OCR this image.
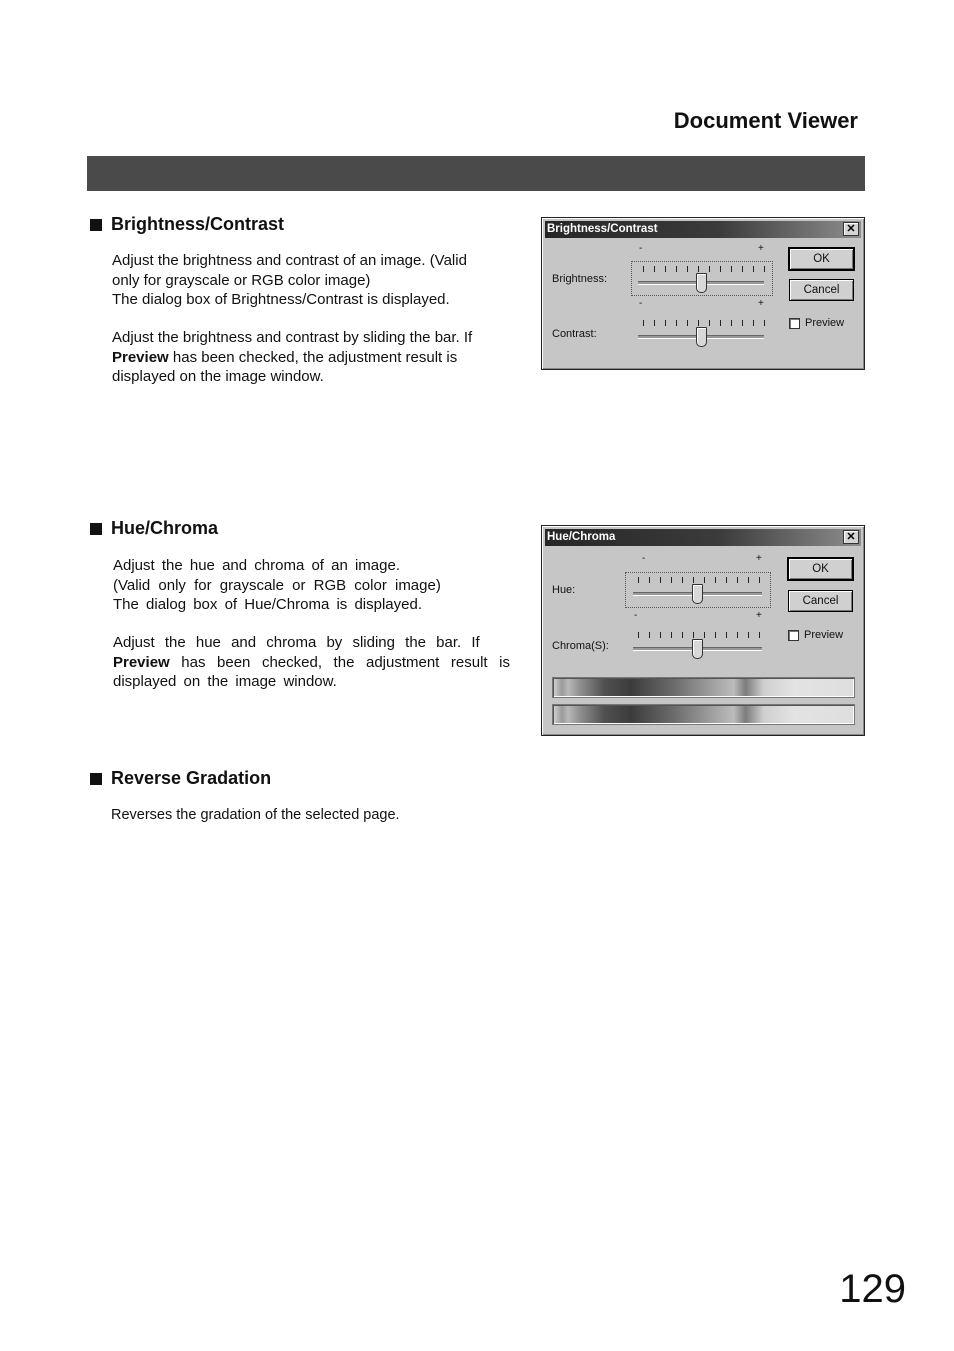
Document Viewer
Brightness/Contrast

Adjust the brightness and contrast of an image. (Valid

only for grayscale or RGB color image)

The dialog box of Brightness/Contrast is displayed.

Adjust the brightness and contrast by sliding the bar. If

Preview has been checked, the adjustment result is

displayed on the image window.

Brightness/Contrast	✕
-	+
Brightness:
-	+
Contrast:
OK
Cancel
Preview
Hue/Chroma

Adjust the hue and chroma of an image.

(Valid only for grayscale or RGB color image)

The dialog box of Hue/Chroma is displayed.

Adjust the hue and chroma by sliding the bar. If

Preview has been checked, the adjustment result is

displayed on the image window.

Hue/Chroma	✕
-	+
Hue:
-	+
Chroma(S):
OK
Cancel
Preview
Reverse Gradation
Reverses the gradation of the selected page.
129
